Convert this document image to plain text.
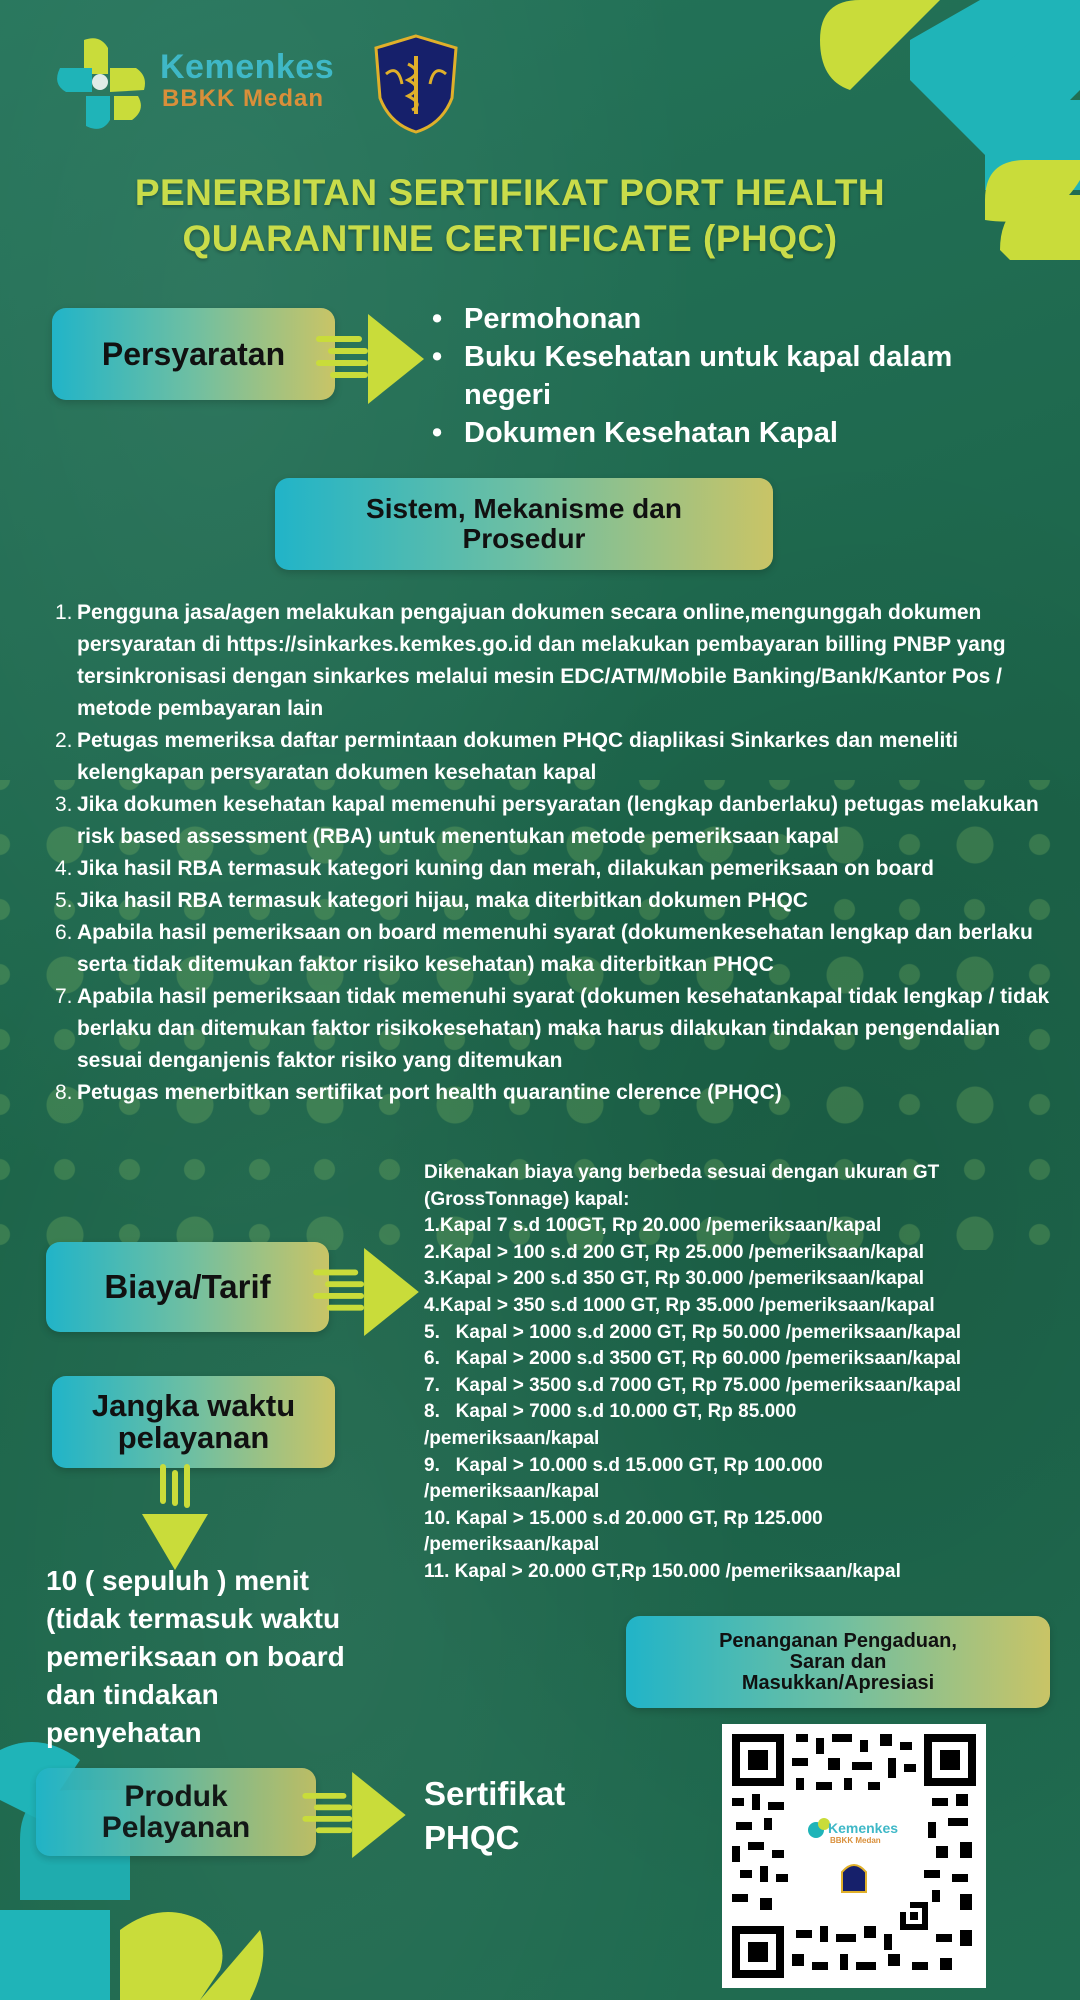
Kemenkes
BBKK Medan
PENERBITAN SERTIFIKAT PORT HEALTH
QUARANTINE CERTIFICATE (PHQC)
Persyaratan
• Permohonan
• Buku Kesehatan untuk kapal dalam negeri
• Dokumen Kesehatan Kapal
Sistem, Mekanisme dan
Prosedur
1. Pengguna jasa/agen melakukan pengajuan dokumen secara online,mengunggah dokumen persyaratan di https://sinkarkes.kemkes.go.id dan melakukan pembayaran billing PNBP yang tersinkronisasi dengan sinkarkes melalui mesin EDC/ATM/Mobile Banking/Bank/Kantor Pos / metode pembayaran lain
2. Petugas memeriksa daftar permintaan dokumen PHQC diaplikasi Sinkarkes dan meneliti kelengkapan persyaratan dokumen kesehatan kapal
3. Jika dokumen kesehatan kapal memenuhi persyaratan (lengkap danberlaku) petugas melakukan risk based assessment (RBA) untuk menentukan metode pemeriksaan kapal
4. Jika hasil RBA termasuk kategori kuning dan merah, dilakukan pemeriksaan on board
5. Jika hasil RBA termasuk kategori hijau, maka diterbitkan dokumen PHQC
6. Apabila hasil pemeriksaan on board memenuhi syarat (dokumenkesehatan lengkap dan berlaku serta tidak ditemukan faktor risiko kesehatan) maka diterbitkan PHQC
7. Apabila hasil pemeriksaan tidak memenuhi syarat (dokumen kesehatankapal tidak lengkap / tidak berlaku dan ditemukan faktor risikokesehatan) maka harus dilakukan tindakan pengendalian sesuai denganjenis faktor risiko yang ditemukan
8. Petugas menerbitkan sertifikat port health quarantine clerence (PHQC)
Biaya/Tarif
Dikenakan biaya yang berbeda sesuai dengan ukuran GT
(GrossTonnage) kapal:
1.Kapal 7 s.d 100GT, Rp 20.000 /pemeriksaan/kapal
2.Kapal > 100 s.d 200 GT, Rp 25.000 /pemeriksaan/kapal
3.Kapal > 200 s.d 350 GT, Rp 30.000 /pemeriksaan/kapal
4.Kapal > 350 s.d 1000 GT, Rp 35.000 /pemeriksaan/kapal
5.   Kapal > 1000 s.d 2000 GT, Rp 50.000 /pemeriksaan/kapal
6.   Kapal > 2000 s.d 3500 GT, Rp 60.000 /pemeriksaan/kapal
7.   Kapal > 3500 s.d 7000 GT, Rp 75.000 /pemeriksaan/kapal
8.   Kapal > 7000 s.d 10.000 GT, Rp 85.000
/pemeriksaan/kapal
9.   Kapal > 10.000 s.d 15.000 GT, Rp 100.000
/pemeriksaan/kapal
10. Kapal > 15.000 s.d 20.000 GT, Rp 125.000
/pemeriksaan/kapal
11. Kapal > 20.000 GT,Rp 150.000 /pemeriksaan/kapal
Jangka waktu
pelayanan
10 ( sepuluh ) menit
(tidak termasuk waktu
pemeriksaan on board
dan tindakan
penyehatan
Produk
Pelayanan
Sertifikat
PHQC
Penanganan Pengaduan,
Saran dan
Masukkan/Apresiasi
Kemenkes
BBKK Medan
